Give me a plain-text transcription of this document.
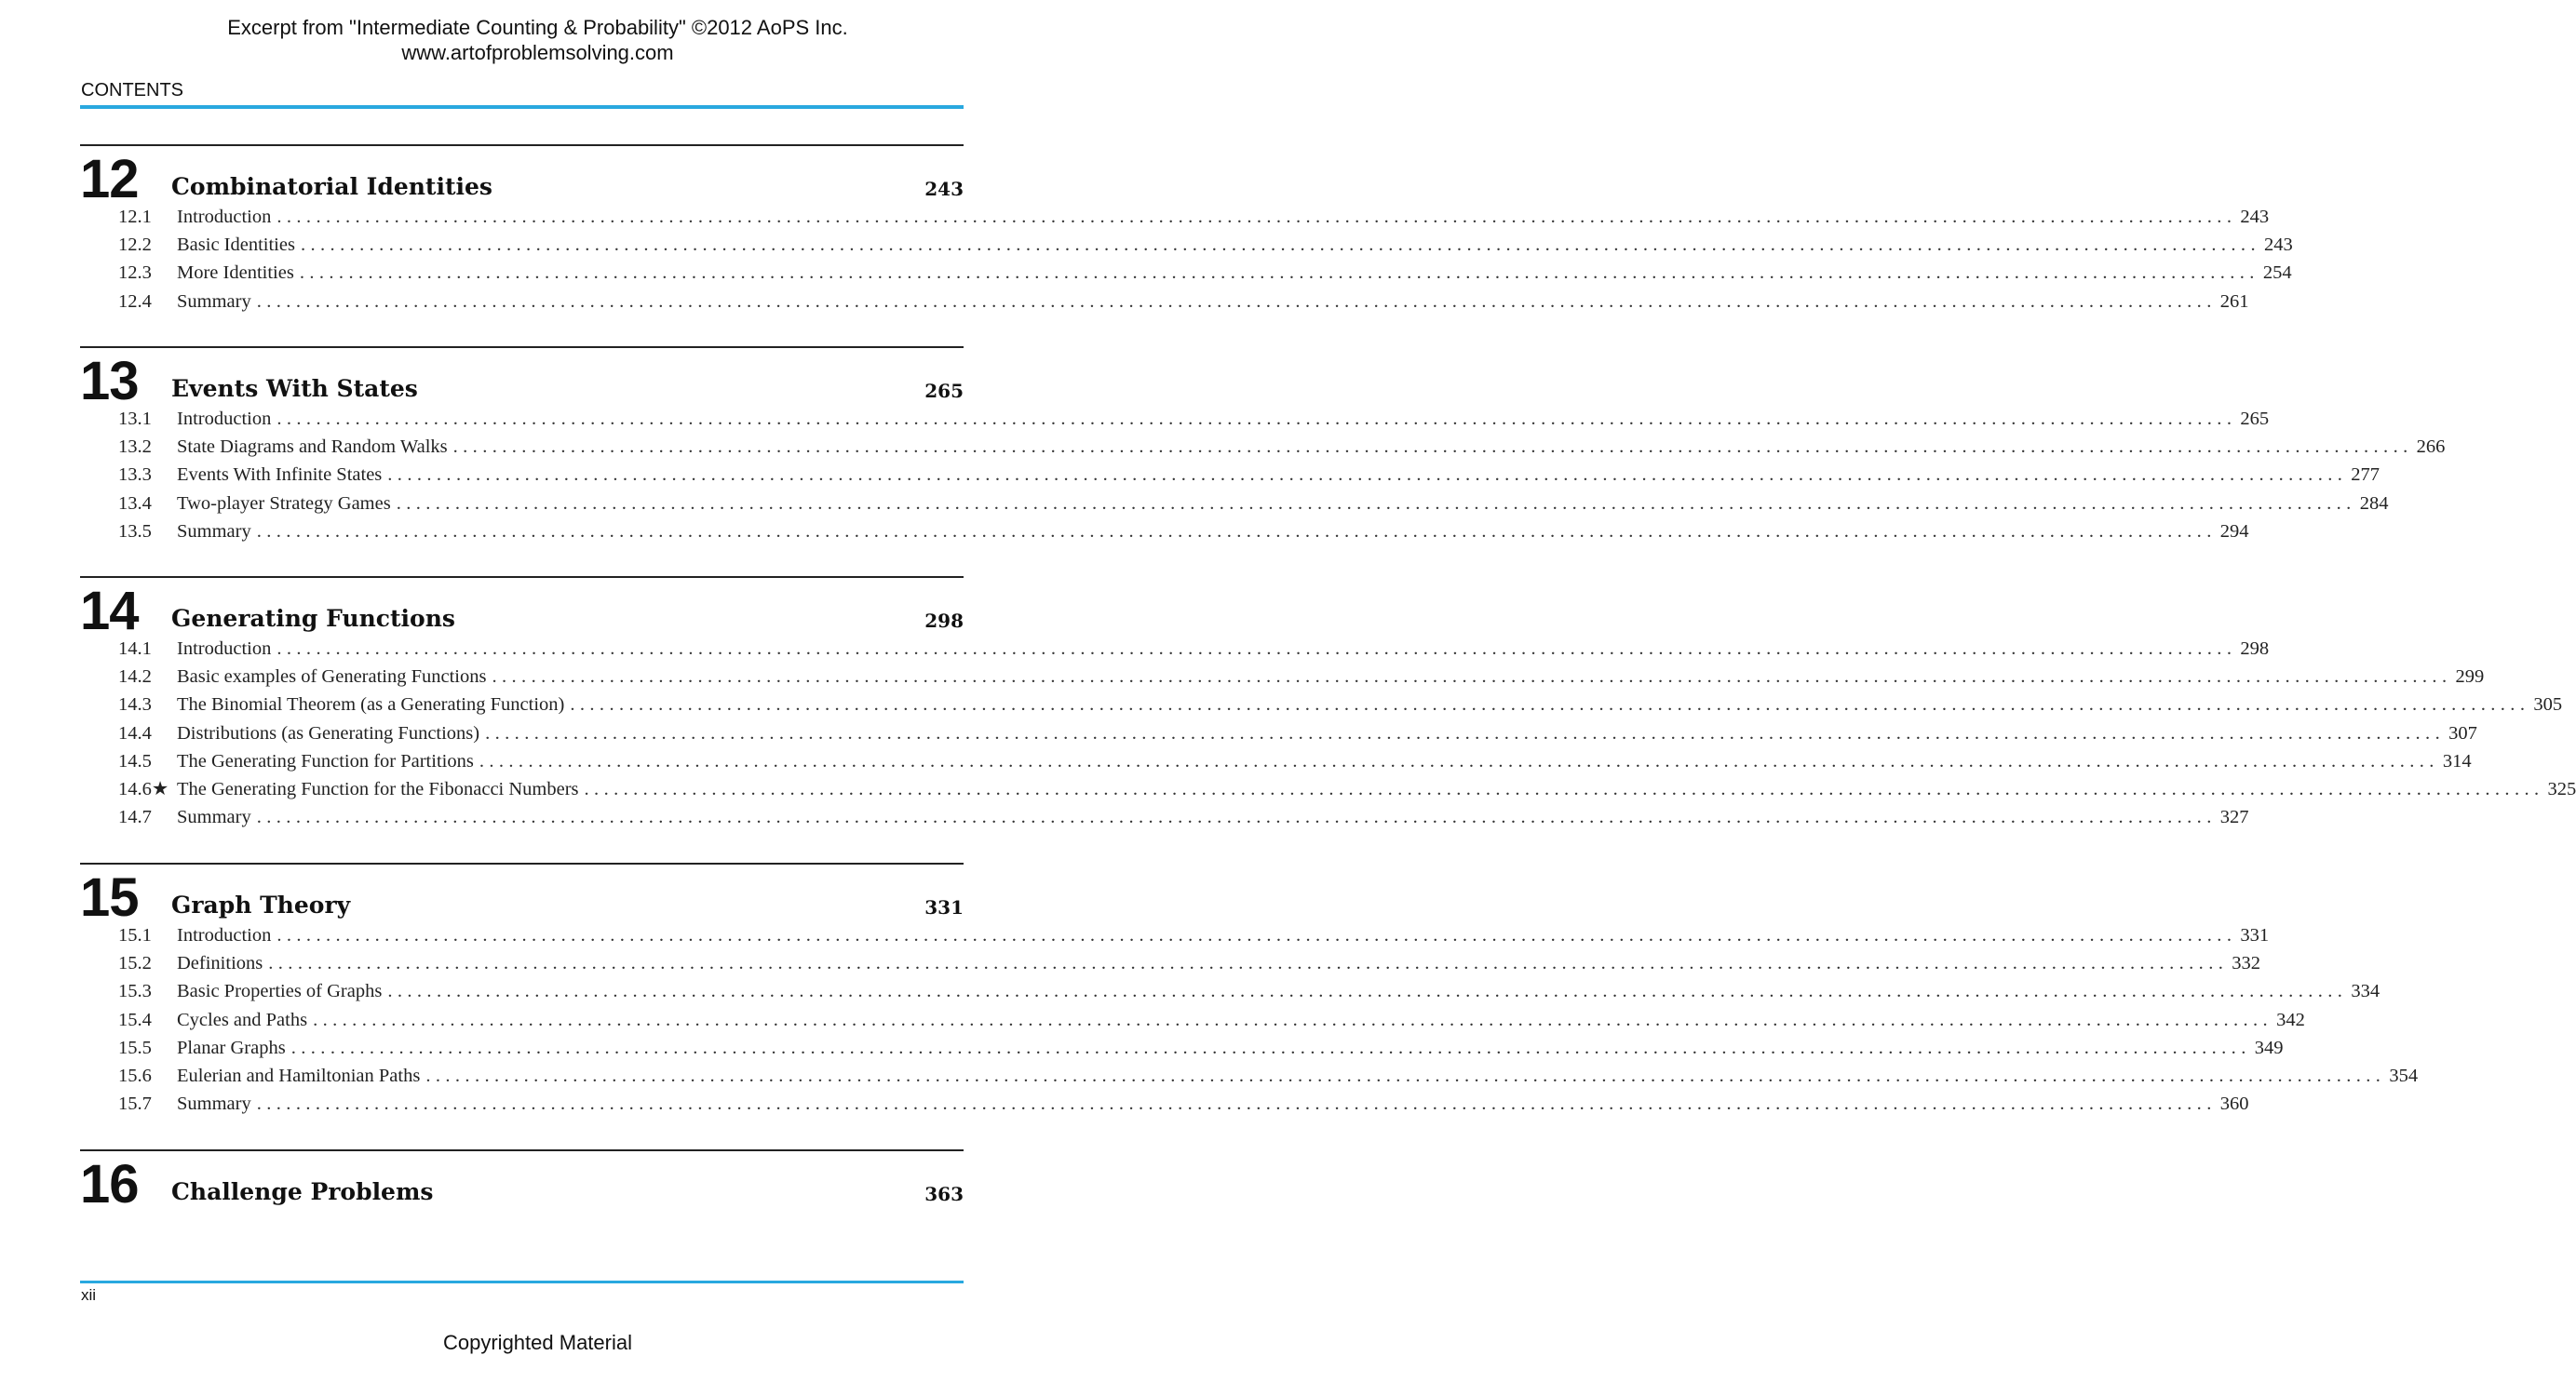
Excerpt from "Intermediate Counting & Probability" ©2012 AoPS Inc.
www.artofproblemsolving.com
CONTENTS
12 Combinatorial Identities	243
12.1 Introduction ........................................................................................................................................................................................................ 243
12.2 Basic Identities ........................................................................................................................................................................................................ 243
12.3 More Identities ........................................................................................................................................................................................................ 254
12.4 Summary ........................................................................................................................................................................................................ 261
13 Events With States	265
13.1 Introduction ........................................................................................................................................................................................................ 265
13.2 State Diagrams and Random Walks ........................................................................................................................................................................................................ 266
13.3 Events With Infinite States ........................................................................................................................................................................................................ 277
13.4 Two-player Strategy Games ........................................................................................................................................................................................................ 284
13.5 Summary ........................................................................................................................................................................................................ 294
14 Generating Functions	298
14.1 Introduction ........................................................................................................................................................................................................ 298
14.2 Basic examples of Generating Functions ........................................................................................................................................................................................................ 299
14.3 The Binomial Theorem (as a Generating Function) ........................................................................................................................................................................................................ 305
14.4 Distributions (as Generating Functions) ........................................................................................................................................................................................................ 307
14.5 The Generating Function for Partitions ........................................................................................................................................................................................................ 314
14.6★ The Generating Function for the Fibonacci Numbers ........................................................................................................................................................................................................ 325
14.7 Summary ........................................................................................................................................................................................................ 327
15 Graph Theory	331
15.1 Introduction ........................................................................................................................................................................................................ 331
15.2 Definitions ........................................................................................................................................................................................................ 332
15.3 Basic Properties of Graphs ........................................................................................................................................................................................................ 334
15.4 Cycles and Paths ........................................................................................................................................................................................................ 342
15.5 Planar Graphs ........................................................................................................................................................................................................ 349
15.6 Eulerian and Hamiltonian Paths ........................................................................................................................................................................................................ 354
15.7 Summary ........................................................................................................................................................................................................ 360
16 Challenge Problems	363
xii
Copyrighted Material
